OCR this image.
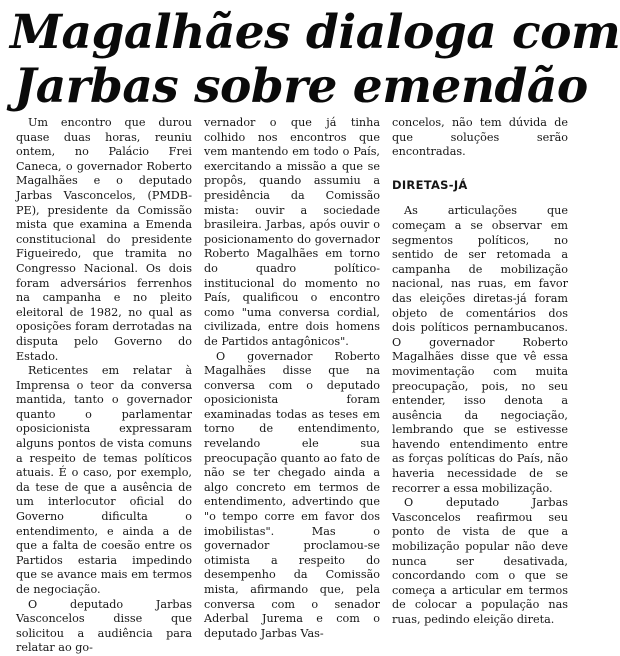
Magalhães dialoga com
Jarbas sobre emendão

Um encontro que durou quase duas horas, reuniu ontem, no Palácio Frei Caneca, o governador Roberto Magalhães e o deputado Jarbas Vasconcelos, (PMDB-PE), presidente da Comissão mista que examina a Emenda constitucional do presidente Figueiredo, que tramita no Congresso Nacional. Os dois foram adversários ferrenhos na campanha e no pleito eleitoral de 1982, no qual as oposições foram derrotadas na disputa pelo Governo do Estado.

Reticentes em relatar à Imprensa o teor da conversa mantida, tanto o governador quanto o parlamentar oposicionista expressaram alguns pontos de vista comuns a respeito de temas políticos atuais. É o caso, por exemplo, da tese de que a ausência de um interlocutor oficial do Governo dificulta o entendimento, e ainda a de que a falta de coesão entre os Partidos estaria impedindo que se avance mais em termos de negociação.

O deputado Jarbas Vasconcelos disse que solicitou a audiência para relatar ao go-

vernador o que já tinha colhido nos encontros que vem mantendo em todo o País, exercitando a missão a que se propôs, quando assumiu a presidência da Comissão mista: ouvir a sociedade brasileira. Jarbas, após ouvir o posicionamento do governador Roberto Magalhães em torno do quadro político-institucional do momento no País, qualificou o encontro como "uma conversa cordial, civilizada, entre dois homens de Partidos antagônicos".

O governador Roberto Magalhães disse que na conversa com o deputado oposicionista foram examinadas todas as teses em torno de entendimento, revelando ele sua preocupação quanto ao fato de não se ter chegado ainda a algo concreto em termos de entendimento, advertindo que "o tempo corre em favor dos imobilistas". Mas o governador proclamou-se otimista a respeito do desempenho da Comissão mista, afirmando que, pela conversa com o senador Aderbal Jurema e com o deputado Jarbas Vas-

concelos, não tem dúvida de que soluções serão encontradas.

DIRETAS-JÁ

As articulações que começam a se observar em segmentos políticos, no sentido de ser retomada a campanha de mobilização nacional, nas ruas, em favor das eleições diretas-já foram objeto de comentários dos dois políticos pernambucanos. O governador Roberto Magalhães disse que vê essa movimentação com muita preocupação, pois, no seu entender, isso denota a ausência da negociação, lembrando que se estivesse havendo entendimento entre as forças políticas do País, não haveria necessidade de se recorrer a essa mobilização.

O deputado Jarbas Vasconcelos reafirmou seu ponto de vista de que a mobilização popular não deve nunca ser desativada, concordando com o que se começa a articular em termos de colocar a população nas ruas, pedindo eleição direta.
